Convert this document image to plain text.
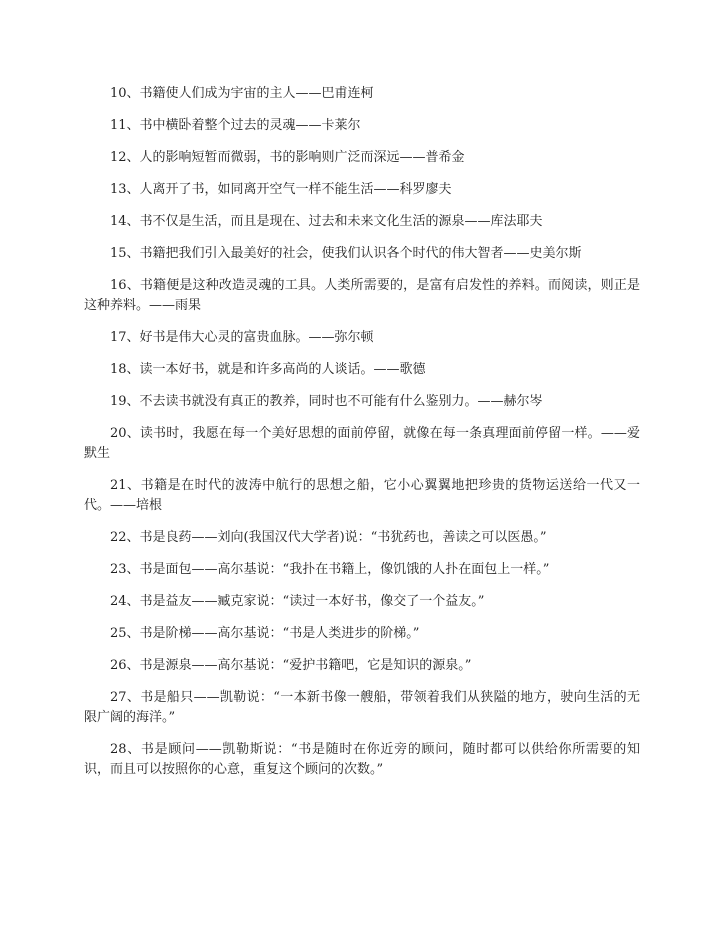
10、书籍使人们成为宇宙的主人——巴甫连柯

11、书中横卧着整个过去的灵魂——卡莱尔

12、人的影响短暂而微弱，书的影响则广泛而深远——普希金

13、人离开了书，如同离开空气一样不能生活——科罗廖夫

14、书不仅是生活，而且是现在、过去和未来文化生活的源泉——库法耶夫

15、书籍把我们引入最美好的社会，使我们认识各个时代的伟大智者——史美尔斯

16、书籍便是这种改造灵魂的工具。人类所需要的，是富有启发性的养料。而阅读，则正是这种养料。——雨果

17、好书是伟大心灵的富贵血脉。——弥尔顿

18、读一本好书，就是和许多高尚的人谈话。——歌德

19、不去读书就没有真正的教养，同时也不可能有什么鉴别力。——赫尔岑

20、读书时，我愿在每一个美好思想的面前停留，就像在每一条真理面前停留一样。——爱默生

21、书籍是在时代的波涛中航行的思想之船，它小心翼翼地把珍贵的货物运送给一代又一代。——培根

22、书是良药——刘向(我国汉代大学者)说：“书犹药也，善读之可以医愚。”

23、书是面包——高尔基说：“我扑在书籍上，像饥饿的人扑在面包上一样。”

24、书是益友——臧克家说：“读过一本好书，像交了一个益友。”

25、书是阶梯——高尔基说：“书是人类进步的阶梯。”

26、书是源泉——高尔基说：“爱护书籍吧，它是知识的源泉。”

27、书是船只——凯勒说：“一本新书像一艘船，带领着我们从狭隘的地方，驶向生活的无限广阔的海洋。”

28、书是顾问——凯勒斯说：“书是随时在你近旁的顾问，随时都可以供给你所需要的知识，而且可以按照你的心意，重复这个顾问的次数。”
